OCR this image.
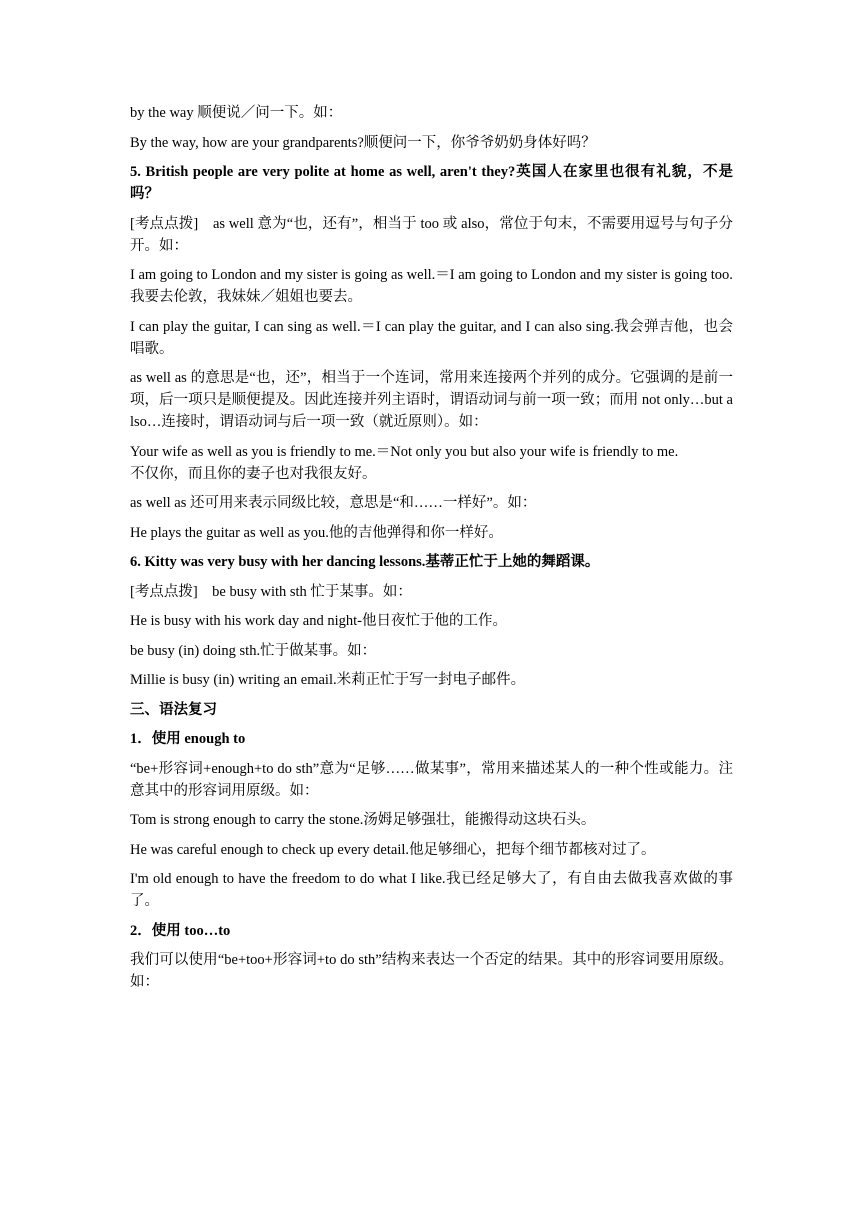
by the way 顺便说／问一下。如：

By the way, how are your grandparents?顺便问一下，你爷爷奶奶身体好吗？

5. British people are very polite at home as well, aren't they?英国人在家里也很有礼貌，不是吗？

[考点点拨]　as well 意为“也，还有”，相当于 too 或 also，常位于句末，不需要用逗号与句子分开。如：

I am going to London and my sister is going as well.＝I am going to London and my sister is going too.

我要去伦敦，我妹妹／姐姐也要去。

I can play the guitar, I can sing as well.＝I can play the guitar, and I can also sing.我会弹吉他，也会唱歌。

as well as 的意思是“也，还”，相当于一个连词，常用来连接两个并列的成分。它强调的是前一项，后一项只是顺便提及。因此连接并列主语时，谓语动词与前一项一致；而用 not only…but also…连接时，谓语动词与后一项一致（就近原则）。如：

Your wife as well as you is friendly to me.＝Not only you but also your wife is friendly to me.

不仅你，而且你的妻子也对我很友好。

as well as 还可用来表示同级比较，意思是“和……一样好”。如：

He plays the guitar as well as you.他的吉他弹得和你一样好。

6. Kitty was very busy with her dancing lessons.基蒂正忙于上她的舞蹈课。

[考点点拨]　be busy with sth 忙于某事。如：

He is busy with his work day and night-他日夜忙于他的工作。

be busy (in) doing sth.忙于做某事。如：

Millie is busy (in) writing an email.米莉正忙于写一封电子邮件。

三、语法复习

1．使用 enough to

“be+形容词+enough+to do sth”意为“足够……做某事”，常用来描述某人的一种个性或能力。注意其中的形容词用原级。如：

Tom is strong enough to carry the stone.汤姆足够强壮，能搬得动这块石头。

He was careful enough to check up every detail.他足够细心，把每个细节都核对过了。

I'm old enough to have the freedom to do what I like.我已经足够大了，有自由去做我喜欢做的事了。

2．使用 too…to

我们可以使用“be+too+形容词+to do sth”结构来表达一个否定的结果。其中的形容词要用原级。如：
